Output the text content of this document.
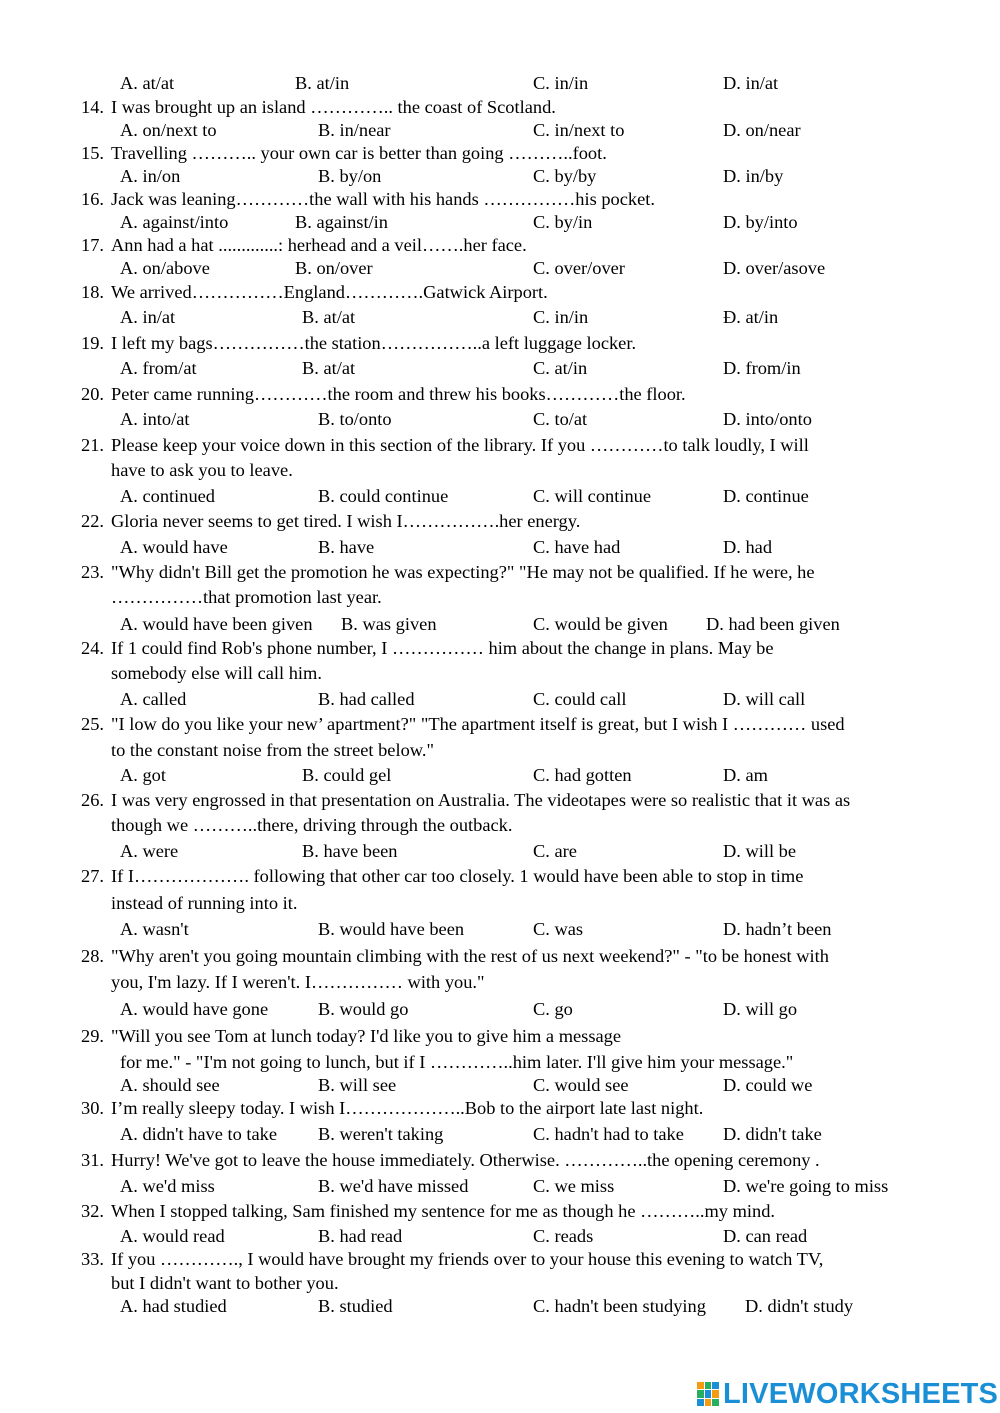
A. at/at	B. at/in	C. in/in	D. in/at
14. I was brought up an island ………….. the coast of Scotland.
A. on/next to	B. in/near	C. in/next to	D. on/near
15. Travelling ……….. your own car is better than going ………..foot.
A. in/on	B. by/on	C. by/by	D. in/by
16. Jack was leaning…………the wall with his hands ……………his pocket.
A. against/into	B. against/in	C. by/in	D. by/into
17. Ann had a hat .............: herhead and a veil…….her face.
A. on/above	B. on/over	C. over/over	D. over/asove
18. We arrived……………England………….Gatwick Airport.
A. in/at	B. at/at	C. in/in	Đ. at/in
19. I left my bags……………the station……………..a left luggage locker.
A. from/at	B. at/at	C. at/in	D. from/in
20. Peter came running…………the room and threw his books…………the floor.
A. into/at	B. to/onto	C. to/at	D. into/onto
21. Please keep your voice down in this section of the library. If you …………to talk loudly, I will
have to ask you to leave.
A. continued	B. could continue	C. will continue	D. continue
22. Gloria never seems to get tired. I wish I…………….her energy.
A. would have	B. have	C. have had	D. had
23. "Why didn't Bill get the promotion he was expecting?" "He may not be qualified. If he were, he
……………that promotion last year.
A. would have been given B. was given	C. would be given D. had been given
24. If 1 could find Rob's phone number, I …………… him about the change in plans. May be
somebody else will call him.
A. called	B. had called	C. could call	D. will call
25. "I low do you like your new’ apartment?" "The apartment itself is great, but I wish I ………… used
to the constant noise from the street below."
A. got	B. could gel	C. had gotten	D. am
26. I was very engrossed in that presentation on Australia. The videotapes were so realistic that it was as
though we ………..there, driving through the outback.
A. were	B. have been	C. are	D. will be
27. If I………………. following that other car too closely. 1 would have been able to stop in time
instead of running into it.
A. wasn't	B. would have been	C. was	D. hadn’t been
28. "Why aren't you going mountain climbing with the rest of us next weekend?" - "to be honest with
you, I'm lazy. If I weren't. I…………… with you."
A. would have gone	B. would go	C. go	D. will go
29. "Will you see Tom at lunch today? I'd like you to give him a message
for me." - "I'm not going to lunch, but if I …………..him later. I'll give him your message."
A. should see	B. will see	C. would see	D. could we
30. I’m really sleepy today. I wish I………………..Bob to the airport late last night.
A. didn't have to take B. weren't taking	C. hadn't had to take D. didn't take
31. Hurry! We've got to leave the house immediately. Otherwise. …………..the opening ceremony .
A. we'd miss	B. we'd have missed	C. we miss	D. we're going to miss
32. When I stopped talking, Sam finished my sentence for me as though he ………..my mind.
A. would read	B. had read	C. reads	D. can read
33. If you …………., I would have brought my friends over to your house this evening to watch TV,
but I didn't want to bother you.
A. had studied	B. studied	C. hadn't been studying D. didn't study
LIVEWORKSHEETS
